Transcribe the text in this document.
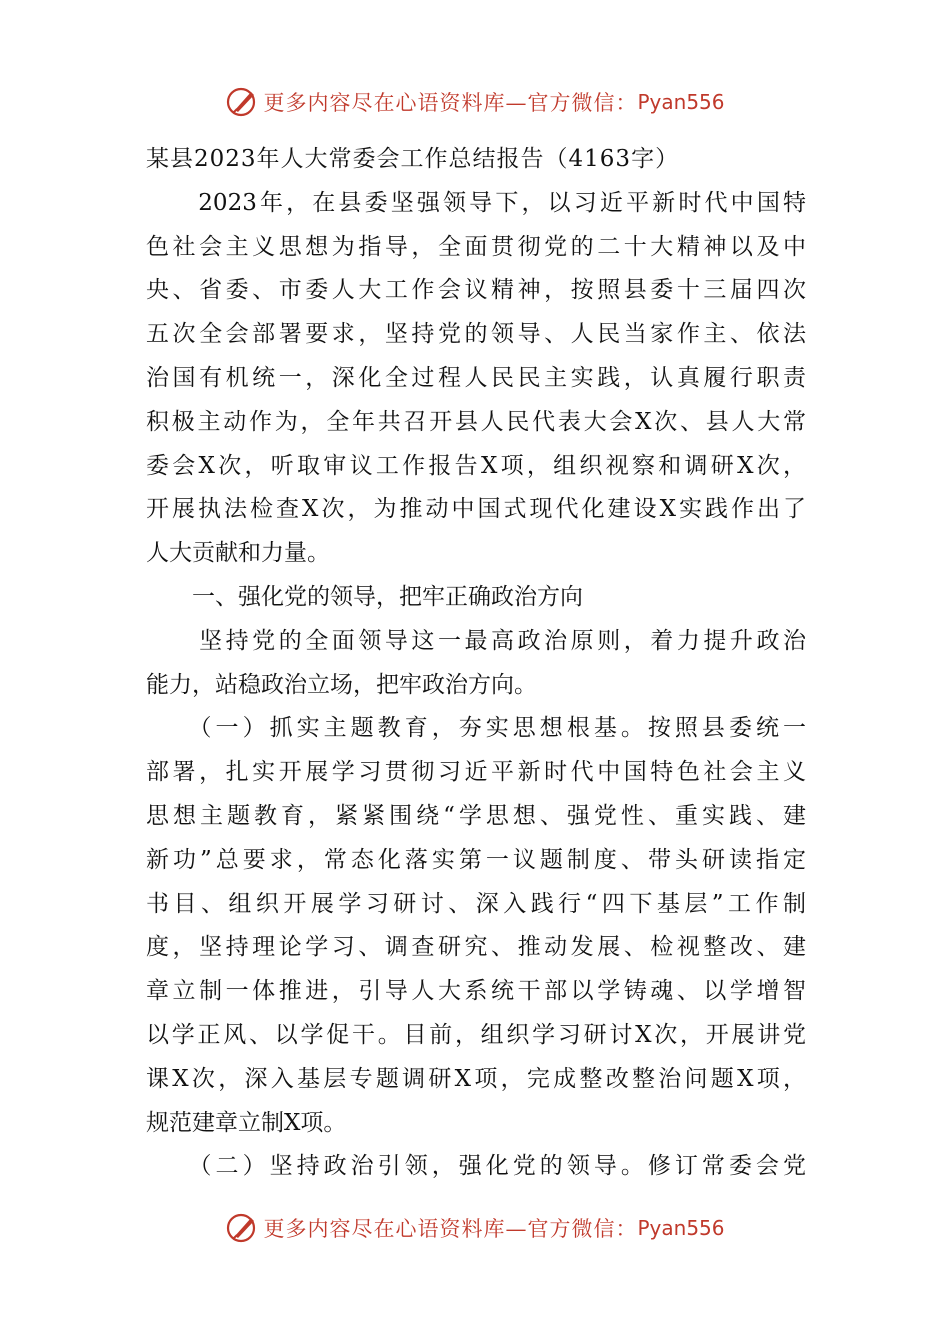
更多内容尽在心语资料库—官方微信： Pyan556
某县2023年人大常委会工作总结报告（4163字）
　　2023年，在县委坚强领导下，以习近平新时代中国特
色社会主义思想为指导，全面贯彻党的二十大精神以及中
央、省委、市委人大工作会议精神，按照县委十三届四次
五次全会部署要求，坚持党的领导、人民当家作主、依法
治国有机统一，深化全过程人民民主实践，认真履行职责
积极主动作为，全年共召开县人民代表大会X次、县人大常
委会X次，听取审议工作报告X项，组织视察和调研X次，
开展执法检查X次，为推动中国式现代化建设X实践作出了
人大贡献和力量。
　　一、强化党的领导，把牢正确政治方向
　　坚持党的全面领导这一最高政治原则，着力提升政治
能力，站稳政治立场，把牢政治方向。
　　（一）抓实主题教育，夯实思想根基。按照县委统一
部署，扎实开展学习贯彻习近平新时代中国特色社会主义
思想主题教育，紧紧围绕“学思想、强党性、重实践、建
新功”总要求，常态化落实第一议题制度、带头研读指定
书目、组织开展学习研讨、深入践行“四下基层”工作制
度，坚持理论学习、调查研究、推动发展、检视整改、建
章立制一体推进，引导人大系统干部以学铸魂、以学增智
以学正风、以学促干。目前，组织学习研讨X次，开展讲党
课X次，深入基层专题调研X项，完成整改整治问题X项，
规范建章立制X项。
　　（二）坚持政治引领，强化党的领导。修订常委会党
更多内容尽在心语资料库—官方微信： Pyan556
